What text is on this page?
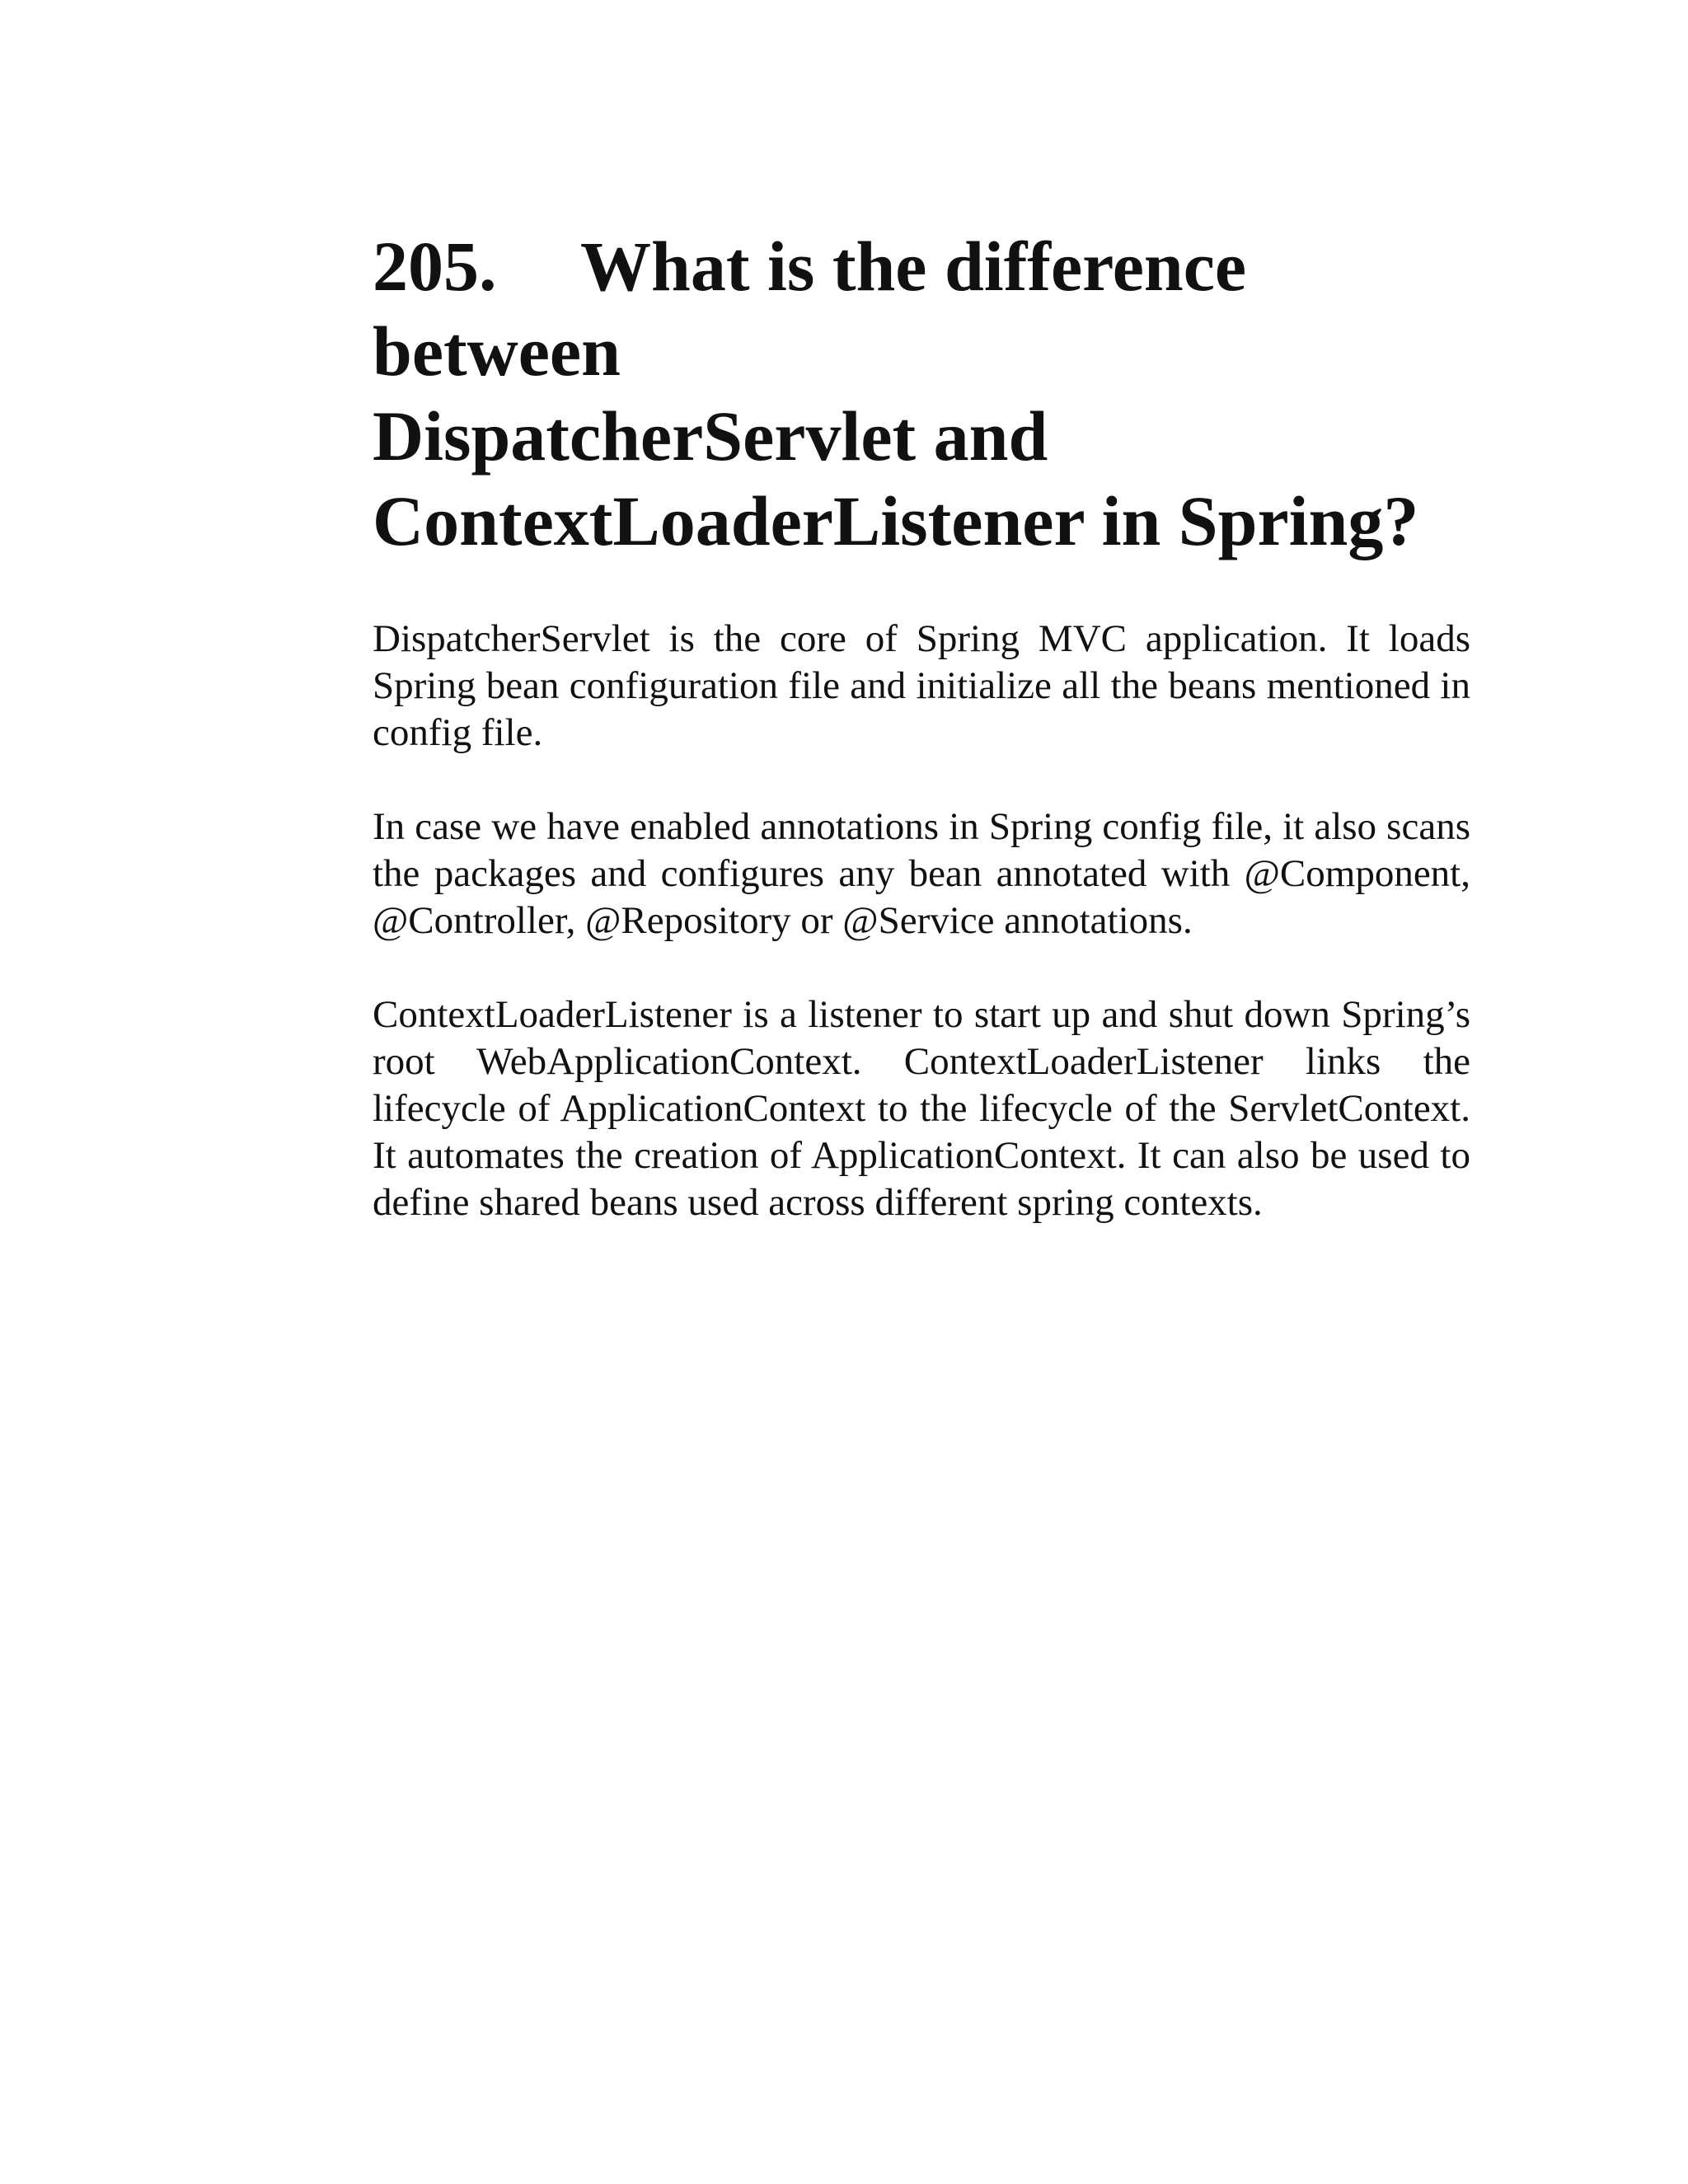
205. What is the difference between
DispatcherServlet and
ContextLoaderListener in Spring?

DispatcherServlet is the core of Spring MVC application. It loads Spring bean configuration file and initialize all the beans mentioned in config file.

In case we have enabled annotations in Spring config file, it also scans the packages and configures any bean annotated with @Component, @Controller, @Repository or @Service annotations.

ContextLoaderListener is a listener to start up and shut down Spring’s root WebApplicationContext. ContextLoaderListener links the lifecycle of ApplicationContext to the lifecycle of the ServletContext. It automates the creation of ApplicationContext. It can also be used to define shared beans used across different spring contexts.
